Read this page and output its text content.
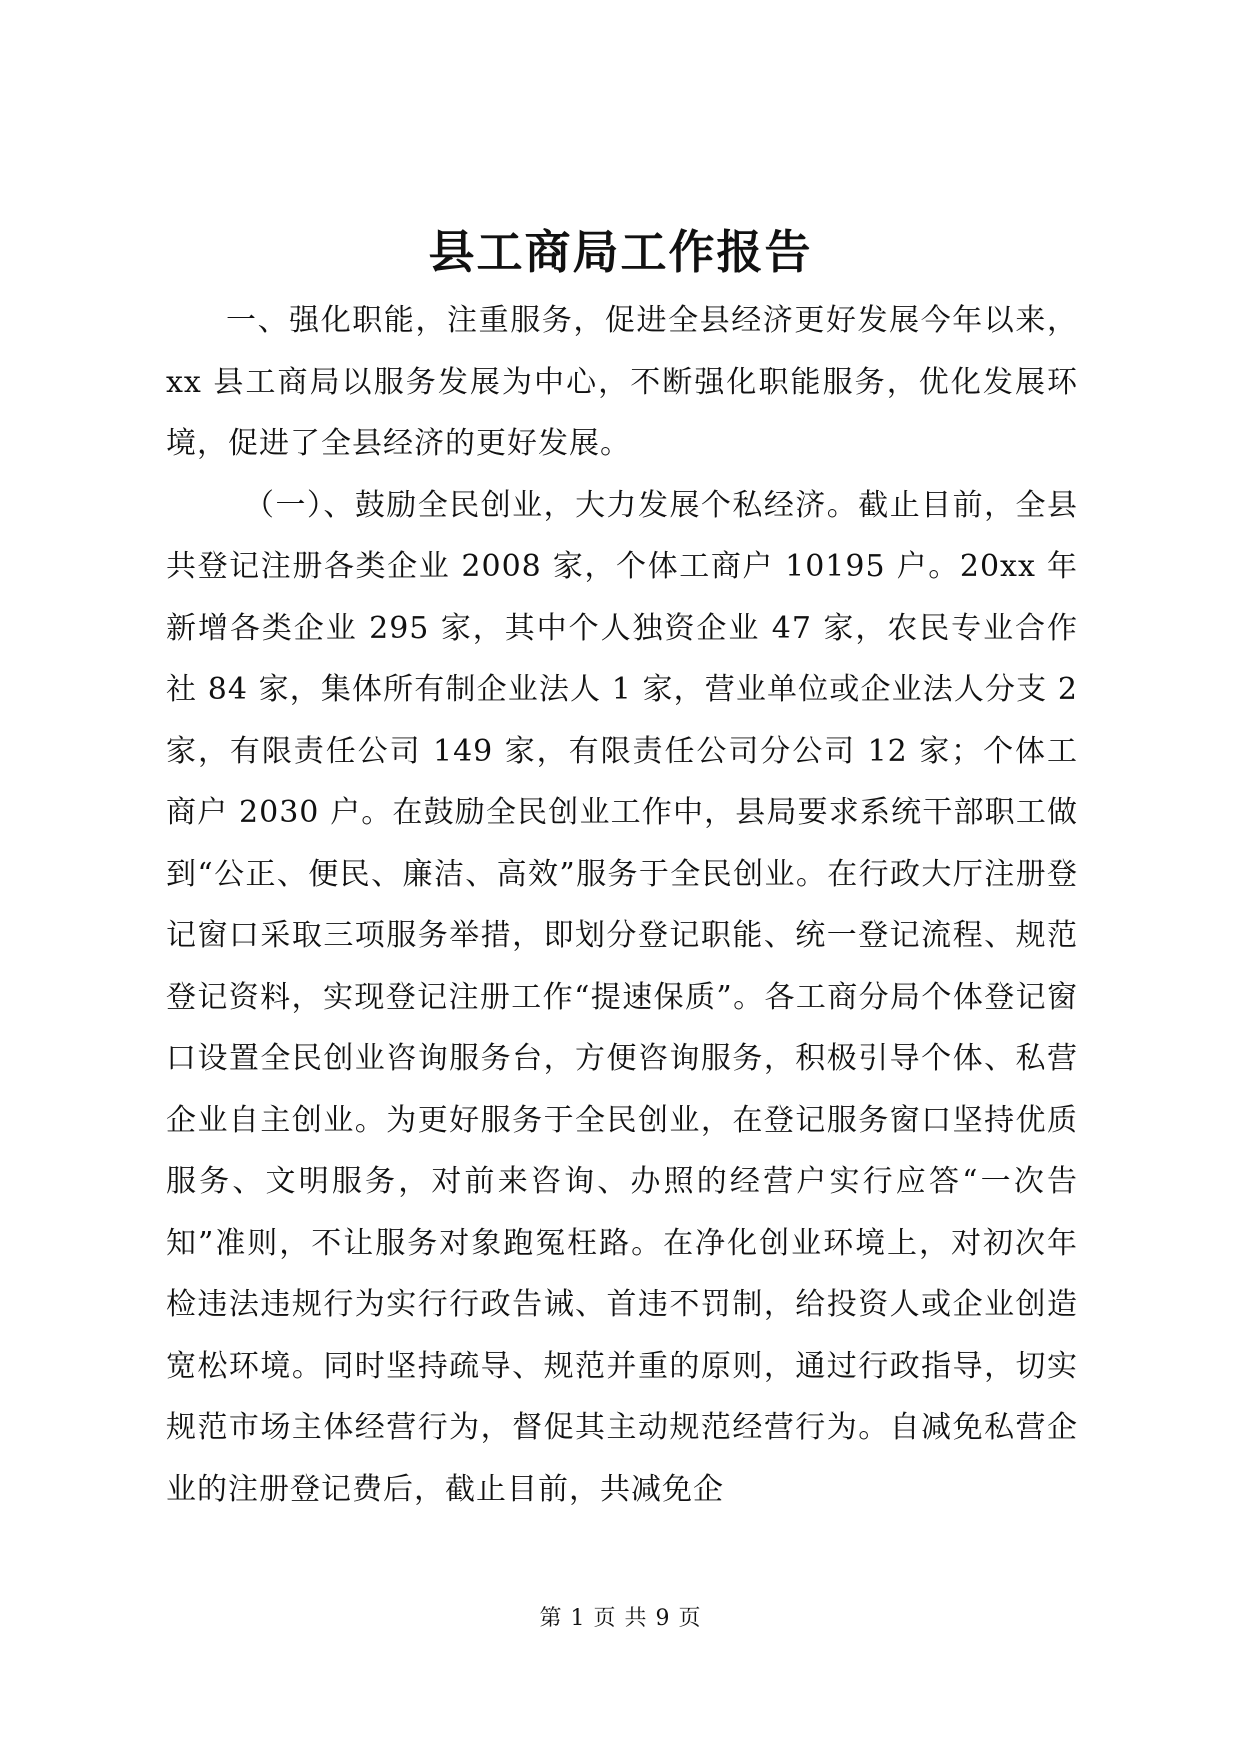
县工商局工作报告

一、强化职能，注重服务，促进全县经济更好发展今年以来，xx 县工商局以服务发展为中心，不断强化职能服务，优化发展环境，促进了全县经济的更好发展。

（一）、鼓励全民创业，大力发展个私经济。截止目前，全县共登记注册各类企业 2008 家，个体工商户 10195 户。20xx 年新增各类企业 295 家，其中个人独资企业 47 家，农民专业合作社 84 家，集体所有制企业法人 1 家，营业单位或企业法人分支 2 家，有限责任公司 149 家，有限责任公司分公司 12 家；个体工商户 2030 户。在鼓励全民创业工作中，县局要求系统干部职工做到“公正、便民、廉洁、高效”服务于全民创业。在行政大厅注册登记窗口采取三项服务举措，即划分登记职能、统一登记流程、规范登记资料，实现登记注册工作“提速保质”。各工商分局个体登记窗口设置全民创业咨询服务台，方便咨询服务，积极引导个体、私营企业自主创业。为更好服务于全民创业，在登记服务窗口坚持优质服务、文明服务，对前来咨询、办照的经营户实行应答“一次告知”准则，不让服务对象跑冤枉路。在净化创业环境上，对初次年检违法违规行为实行行政告诫、首违不罚制，给投资人或企业创造宽松环境。同时坚持疏导、规范并重的原则，通过行政指导，切实规范市场主体经营行为，督促其主动规范经营行为。自减免私营企业的注册登记费后，截止目前，共减免企

第 1 页 共 9 页
